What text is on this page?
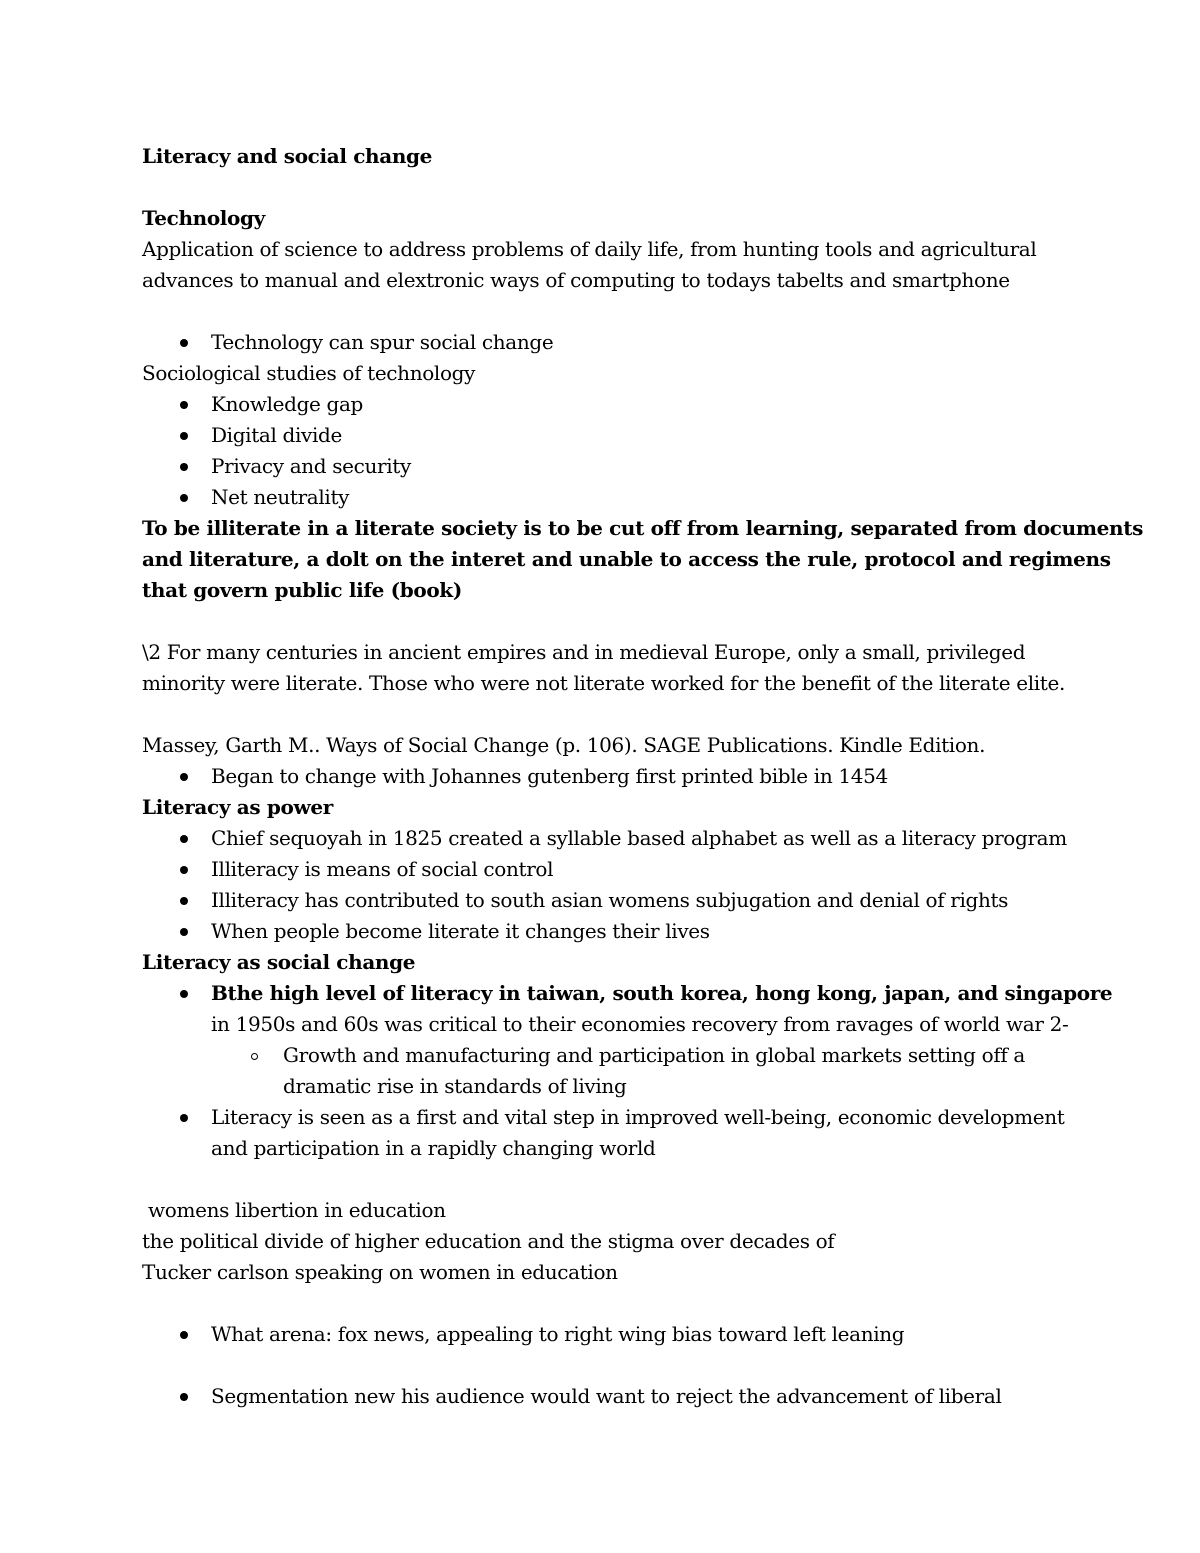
Literacy and social change
Technology
Application of science to address problems of daily life, from hunting tools and agricultural
advances to manual and elextronic ways of computing to todays tabelts and smartphone
Technology can spur social change
Sociological studies of technology
Knowledge gap
Digital divide
Privacy and security
Net neutrality
To be illiterate in a literate society is to be cut off from learning, separated from documents
and literature, a dolt on the interet and unable to access the rule, protocol and regimens
that govern public life (book)
\2 For many centuries in ancient empires and in medieval Europe, only a small, privileged
minority were literate. Those who were not literate worked for the benefit of the literate elite.
Massey, Garth M.. Ways of Social Change (p. 106). SAGE Publications. Kindle Edition.
Began to change with Johannes gutenberg first printed bible in 1454
Literacy as power
Chief sequoyah in 1825 created a syllable based alphabet as well as a literacy program
Illiteracy is means of social control
Illiteracy has contributed to south asian womens subjugation and denial of rights
When people become literate it changes their lives
Literacy as social change
Bthe high level of literacy in taiwan, south korea, hong kong, japan, and singapore
in 1950s and 60s was critical to their economies recovery from ravages of world war 2-
Growth and manufacturing and participation in global markets setting off a
dramatic rise in standards of living
Literacy is seen as a first and vital step in improved well-being, economic development
and participation in a rapidly changing world
womens libertion in education
the political divide of higher education and the stigma over decades of
Tucker carlson speaking on women in education
What arena: fox news, appealing to right wing bias toward left leaning
Segmentation new his audience would want to reject the advancement of liberal
